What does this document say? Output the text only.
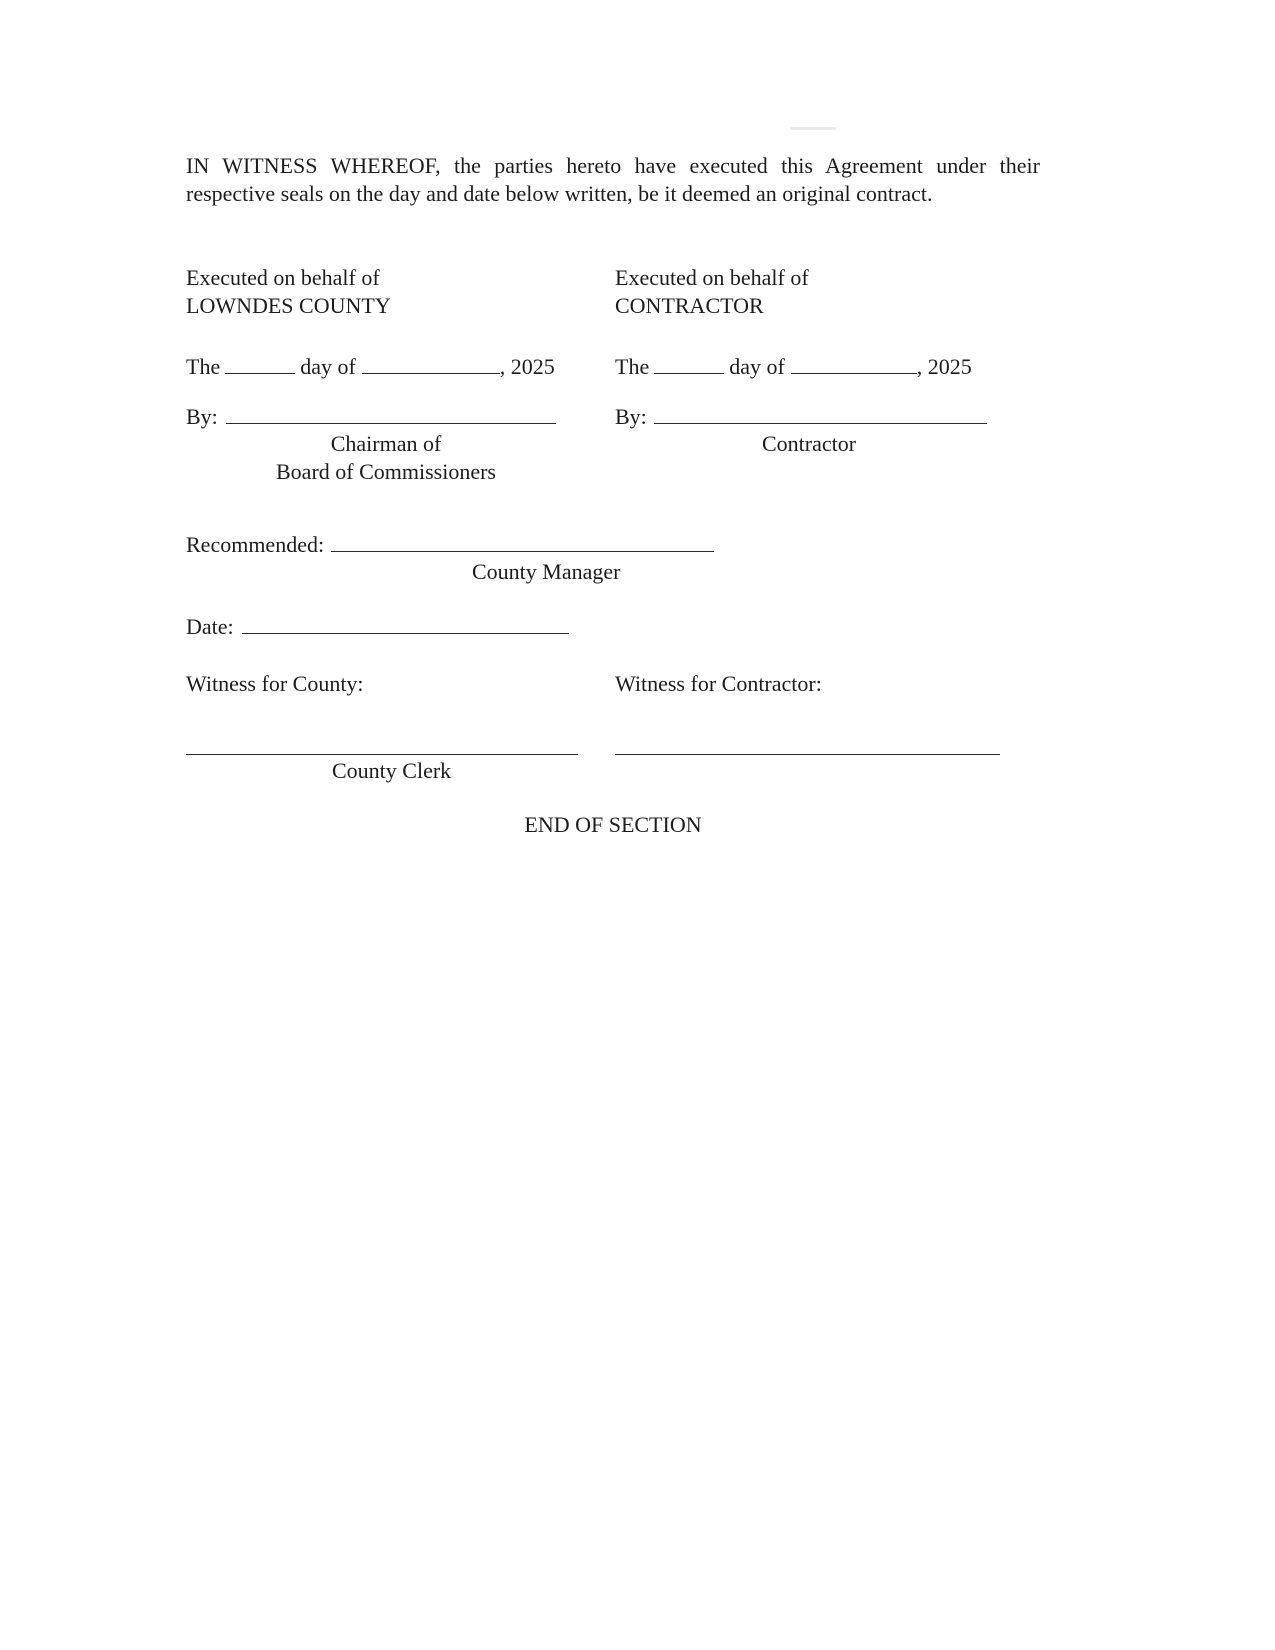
IN WITNESS WHEREOF, the parties hereto have executed this Agreement under their respective seals on the day and date below written, be it deemed an original contract.
Executed on behalf of
LOWNDES COUNTY
Executed on behalf of
CONTRACTOR
The	day of	, 2025	The	day of	, 2025
By:	By:
Chairman of
Board of Commissioners
Contractor
Recommended:
County Manager
Date:
Witness for County:	Witness for Contractor:
County Clerk
END OF SECTION
